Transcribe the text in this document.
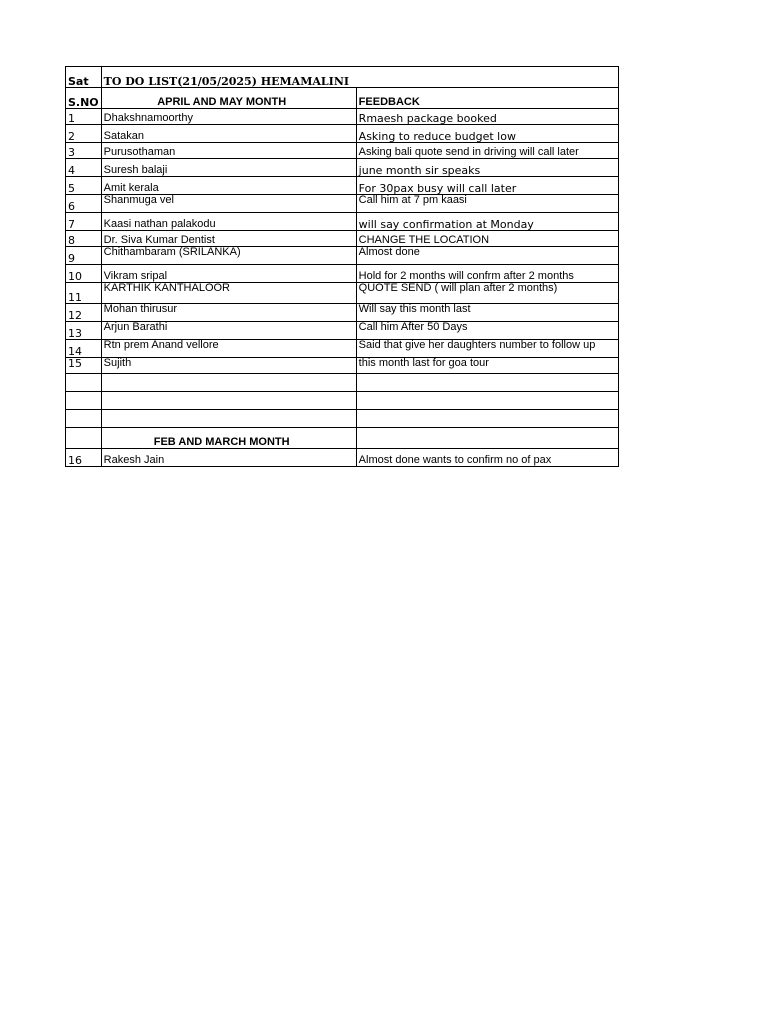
Sat	TO DO LIST(21/05/2025) HEMAMALINI	
S.NO	APRIL AND MAY MONTH	FEEDBACK
1	Dhakshnamoorthy	Rmaesh package booked
2	Satakan	Asking to reduce budget low
3	Purusothaman	Asking bali quote send in driving will call later
4	Suresh balaji	june month sir speaks
5	Amit kerala	For 30pax busy will call later
6	Shanmuga vel	Call him at 7 pm kaasi
7	Kaasi nathan palakodu	will say confirmation at Monday
8	Dr. Siva Kumar Dentist	CHANGE THE LOCATION
9	Chithambaram (SRILANKA)	Almost done
10	Vikram sripal	Hold for 2 months will confrm after 2 months
11	KARTHIK KANTHALOOR	QUOTE SEND ( will plan after 2 months)
12	Mohan thirusur	Will say this month last
13	Arjun Barathi	Call him After 50 Days
14	Rtn prem Anand vellore	Said that give her daughters number to follow up
15	Sujith	this month last for goa tour

	FEB AND MARCH MONTH	
16	Rakesh Jain	Almost done wants to confirm no of pax
